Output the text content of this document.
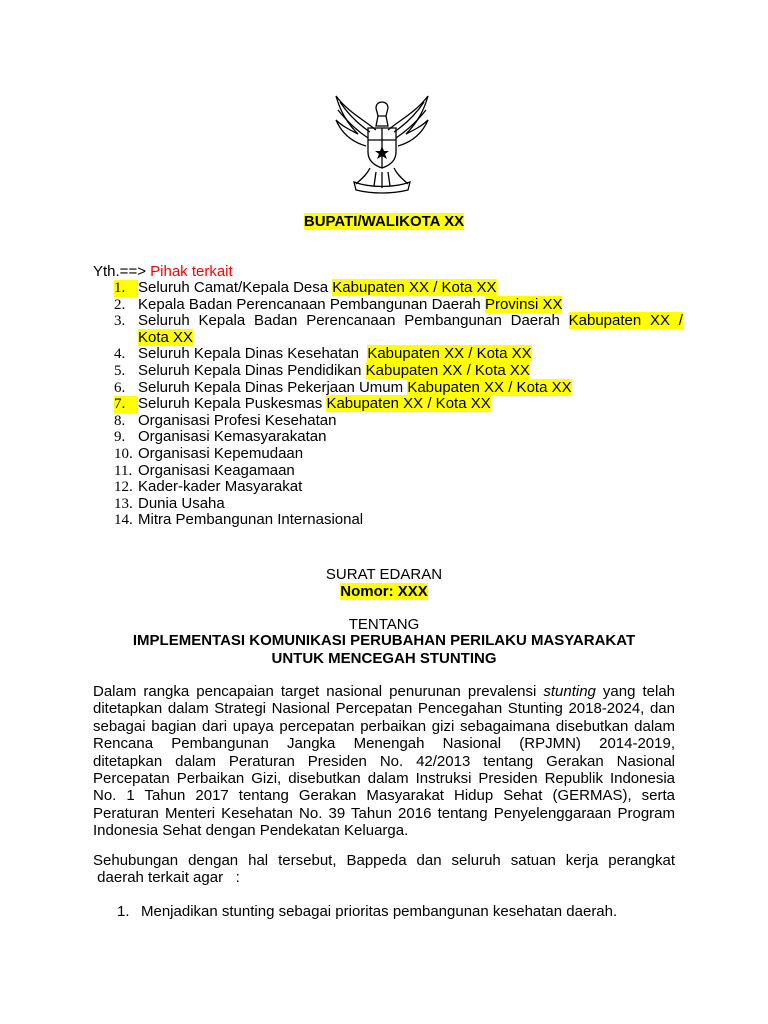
BUPATI/WALIKOTA XX
Yth.==> Pihak terkait
1. Seluruh Camat/Kepala Desa Kabupaten XX / Kota XX
2. Kepala Badan Perencanaan Pembangunan Daerah Provinsi XX
3. Seluruh Kepala Badan Perencanaan Pembangunan Daerah Kabupaten XX /
Kota XX
4. Seluruh Kepala Dinas Kesehatan  Kabupaten XX / Kota XX
5. Seluruh Kepala Dinas Pendidikan Kabupaten XX / Kota XX
6. Seluruh Kepala Dinas Pekerjaan Umum Kabupaten XX / Kota XX
7. Seluruh Kepala Puskesmas Kabupaten XX / Kota XX
8. Organisasi Profesi Kesehatan
9. Organisasi Kemasyarakatan
10. Organisasi Kepemudaan
11. Organisasi Keagamaan
12. Kader-kader Masyarakat
13. Dunia Usaha
14. Mitra Pembangunan Internasional
SURAT EDARAN
Nomor: XXX
TENTANG
IMPLEMENTASI KOMUNIKASI PERUBAHAN PERILAKU MASYARAKAT
UNTUK MENCEGAH STUNTING
Dalam rangka pencapaian target nasional penurunan prevalensi stunting yang telah
ditetapkan dalam Strategi Nasional Percepatan Pencegahan Stunting 2018-2024, dan
sebagai bagian dari upaya percepatan perbaikan gizi sebagaimana disebutkan dalam
Rencana Pembangunan Jangka Menengah Nasional (RPJMN) 2014-2019,
ditetapkan dalam Peraturan Presiden No. 42/2013 tentang Gerakan Nasional
Percepatan Perbaikan Gizi, disebutkan dalam Instruksi Presiden Republik Indonesia
No. 1 Tahun 2017 tentang Gerakan Masyarakat Hidup Sehat (GERMAS), serta
Peraturan Menteri Kesehatan No. 39 Tahun 2016 tentang Penyelenggaraan Program
Indonesia Sehat dengan Pendekatan Keluarga.
Sehubungan dengan hal tersebut, Bappeda dan seluruh satuan kerja perangkat
daerah terkait agar   :
1. Menjadikan stunting sebagai prioritas pembangunan kesehatan daerah.
